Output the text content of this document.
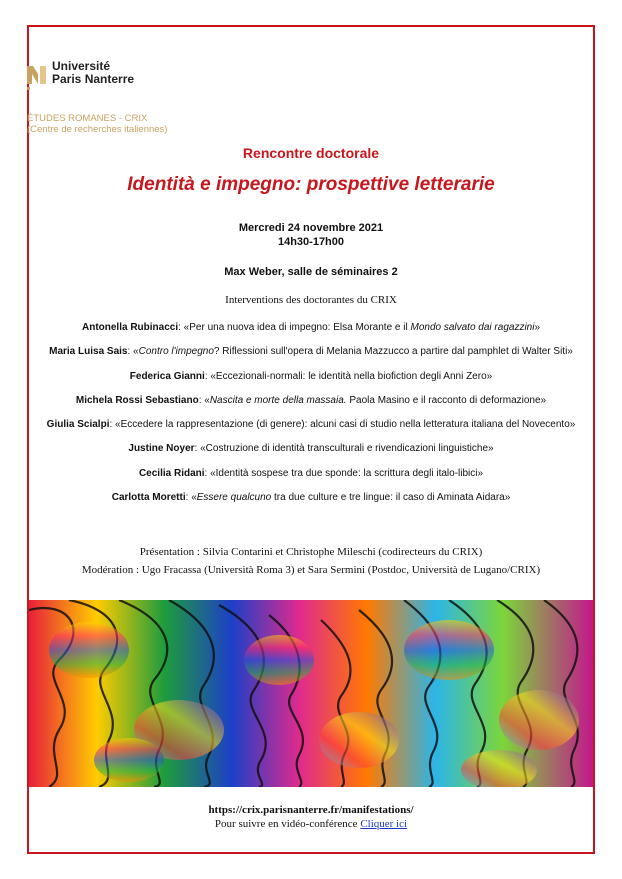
Université
Paris Nanterre
ÉTUDES ROMANES - CRIX
(Centre de recherches italiennes)
Rencontre doctorale
Identità e impegno: prospettive letterarie
Mercredi 24 novembre 2021
14h30-17h00
Max Weber, salle de séminaires 2
Interventions des doctorantes du CRIX
Antonella Rubinacci: «Per una nuova idea di impegno: Elsa Morante e il Mondo salvato dai ragazzini»
Maria Luisa Sais: «Contro l'impegno? Riflessioni sull'opera di Melania Mazzucco a partire dal pamphlet di Walter Siti»
Federica Gianni: «Eccezionali-normali: le identità nella biofiction degli Anni Zero»
Michela Rossi Sebastiano: «Nascita e morte della massaia. Paola Masino e il racconto di deformazione»
Giulia Scialpi: «Eccedere la rappresentazione (di genere): alcuni casi di studio nella letteratura italiana del Novecento»
Justine Noyer: «Costruzione di identità transculturali e rivendicazioni linguistiche»
Cecilia Ridani: «Identità sospese tra due sponde: la scrittura degli italo-libici»
Carlotta Moretti: «Essere qualcuno tra due culture e tre lingue: il caso di Aminata Aidara»
Présentation : Silvia Contarini et Christophe Mileschi (codirecteurs du CRIX)
Modération : Ugo Fracassa (Università Roma 3) et Sara Sermini (Postdoc, Università de Lugano/CRIX)
https://crix.parisnanterre.fr/manifestations/
Pour suivre en vidéo-conférence Cliquer ici
